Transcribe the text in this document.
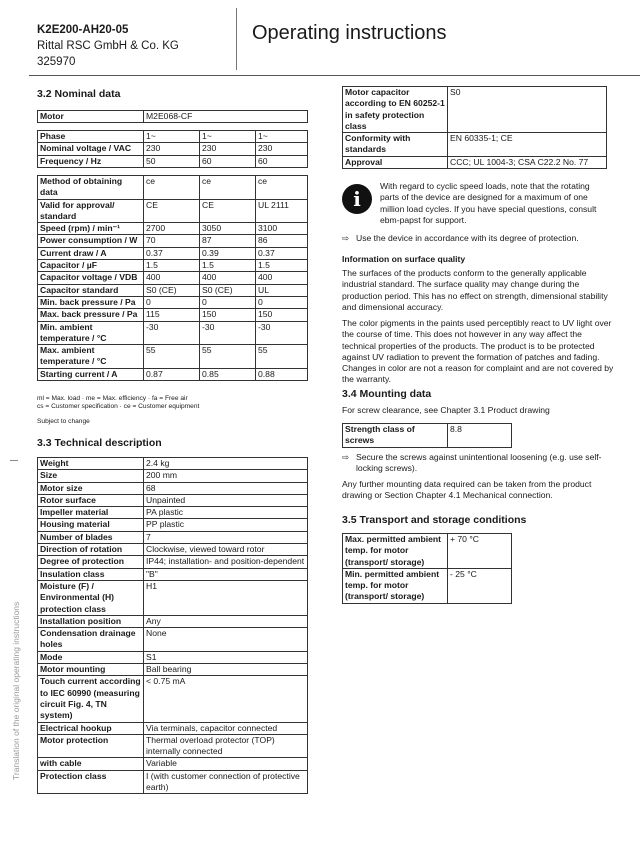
K2E200-AH20-05
Rittal RSC GmbH & Co. KG
325970
Operating instructions
Translation of the original operating instructions
3.2 Nominal data
Motor	M2E068-CF
Phase	1~	1~	1~
Nominal voltage / VAC	230	230	230
Frequency / Hz	50	60	60
Method of obtaining data	ce	ce	ce
Valid for approval/ standard	CE	CE	UL 2111
Speed (rpm) / min⁻¹	2700	3050	3100
Power consumption / W	70	87	86
Current draw / A	0.37	0.39	0.37
Capacitor / µF	1.5	1.5	1.5
Capacitor voltage / VDB	400	400	400
Capacitor standard	S0 (CE)	S0 (CE)	UL
Min. back pressure / Pa	0	0	0
Max. back pressure / Pa	115	150	150
Min. ambient temperature / °C	-30	-30	-30
Max. ambient temperature / °C	55	55	55
Starting current / A	0.87	0.85	0.88
ml = Max. load · me = Max. efficiency · fa = Free air
cs = Customer specification · ce = Customer equipment
Subject to change
3.3 Technical description
Weight	2.4 kg
Size	200 mm
Motor size	68
Rotor surface	Unpainted
Impeller material	PA plastic
Housing material	PP plastic
Number of blades	7
Direction of rotation	Clockwise, viewed toward rotor
Degree of protection	IP44; installation- and position-dependent
Insulation class	"B"
Moisture (F) / Environmental (H) protection class	H1
Installation position	Any
Condensation drainage holes	None
Mode	S1
Motor mounting	Ball bearing
Touch current according to IEC 60990 (measuring circuit Fig. 4, TN system)	< 0.75 mA
Electrical hookup	Via terminals, capacitor connected
Motor protection	Thermal overload protector (TOP) internally connected
with cable	Variable
Protection class	I (with customer connection of protective earth)
Motor capacitor according to EN 60252-1 in safety protection class	S0
Conformity with standards	EN 60335-1; CE
Approval	CCC; UL 1004-3; CSA C22.2 No. 77
i
With regard to cyclic speed loads, note that the rotating parts of the device are designed for a maximum of one million load cycles. If you have special questions, consult ebm-papst for support.
⇨ Use the device in accordance with its degree of protection.
Information on surface quality
The surfaces of the products conform to the generally applicable industrial standard. The surface quality may change during the production period. This has no effect on strength, dimensional stability and dimensional accuracy.
The color pigments in the paints used perceptibly react to UV light over the course of time. This does not however in any way affect the technical properties of the products. The product is to be protected against UV radiation to prevent the formation of patches and fading. Changes in color are not a reason for complaint and are not covered by the warranty.
3.4 Mounting data
For screw clearance, see Chapter 3.1 Product drawing
Strength class of screws	8.8
⇨ Secure the screws against unintentional loosening (e.g. use self-locking screws).
Any further mounting data required can be taken from the product drawing or Section Chapter 4.1 Mechanical connection.
3.5 Transport and storage conditions
Max. permitted ambient temp. for motor (transport/ storage)	+ 70 °C
Min. permitted ambient temp. for motor (transport/ storage)	- 25 °C
